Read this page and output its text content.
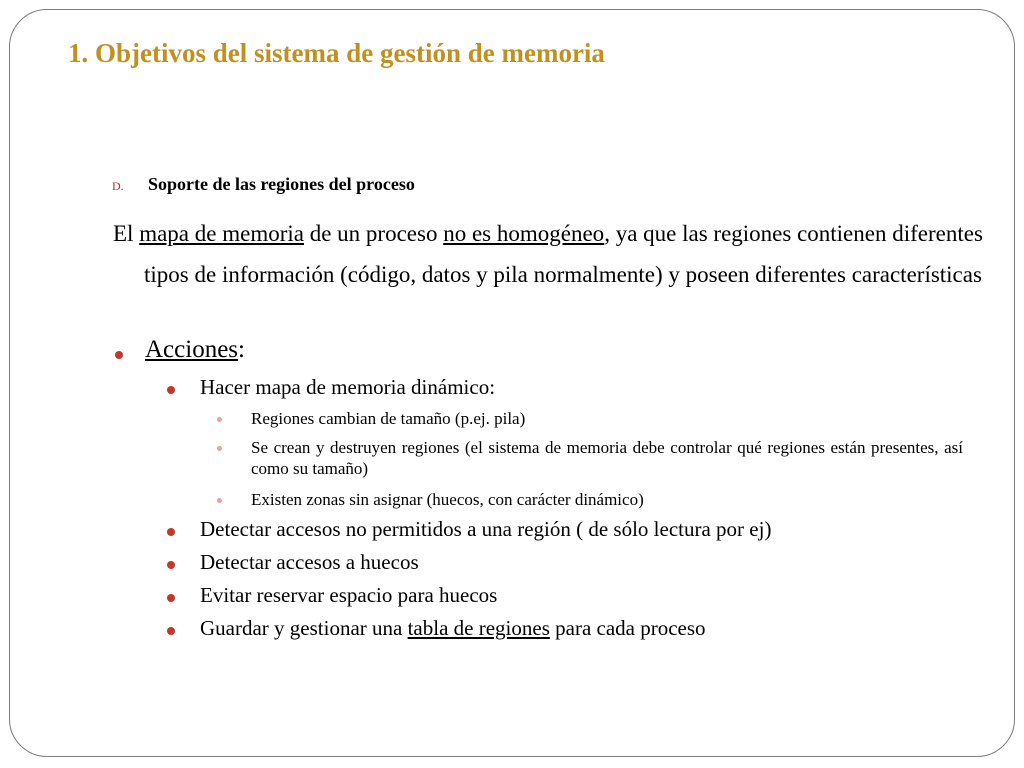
1. Objetivos del sistema de gestión de memoria
D. Soporte de las regiones del proceso
El mapa de memoria de un proceso no es homogéneo, ya que las regiones contienen diferentes tipos de información (código, datos y pila normalmente) y poseen diferentes características
Acciones:
Hacer mapa de memoria dinámico:
Regiones cambian de tamaño (p.ej. pila)
Se crean y destruyen regiones (el sistema de memoria debe controlar qué regiones están presentes, así como su tamaño)
Existen zonas sin asignar (huecos, con carácter dinámico)
Detectar accesos no permitidos a una región ( de sólo lectura por ej)
Detectar accesos a huecos
Evitar reservar espacio para huecos
Guardar y gestionar una tabla de regiones para cada proceso
